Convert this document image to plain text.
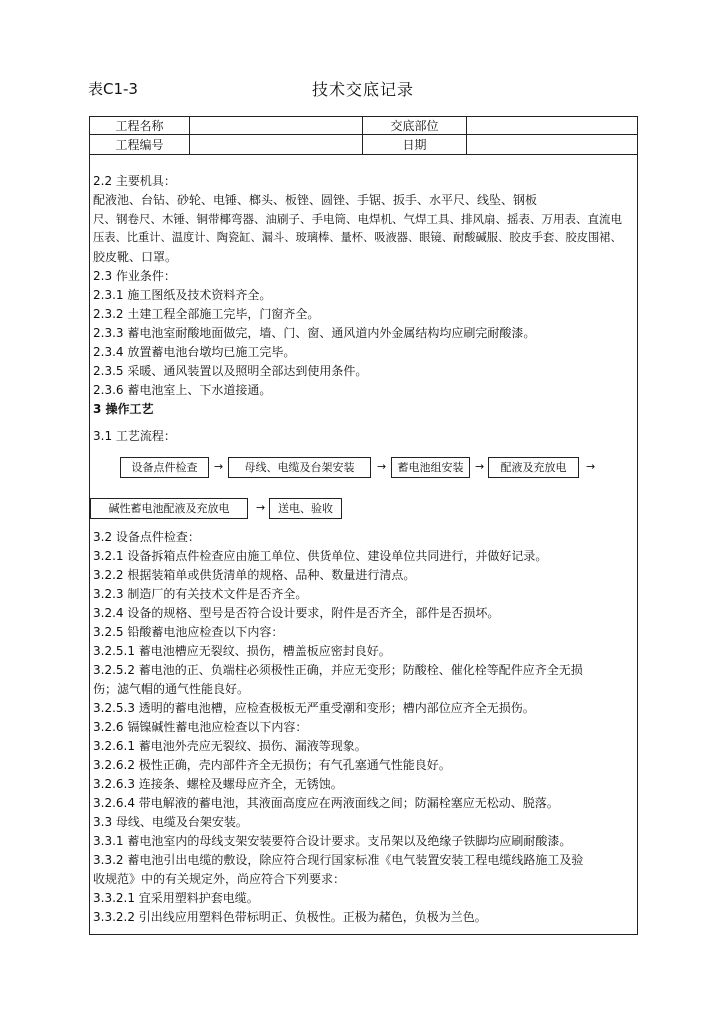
表C1-3	技术交底记录
工程名称	交底部位
工程编号	日期
2.2 主要机具：
配液池、台钻、砂轮、电锤、榔头、板锉、圆锉、手锯、扳手、水平尺、线坠、钢板
尺、钢卷尺、木锤、铜带椰弯器、油刷子、手电筒、电焊机、气焊工具、排风扇、摇表、万用表、直流电
压表、比重计、温度计、陶瓷缸、漏斗、玻璃棒、量杯、吸液器、眼镜、耐酸碱服、胶皮手套、胶皮围裙、
胶皮靴、口罩。
2.3 作业条件：
2.3.1 施工图纸及技术资料齐全。
2.3.2 土建工程全部施工完毕，门窗齐全。
2.3.3 蓄电池室耐酸地面做完，墙、门、窗、通风道内外金属结构均应刷完耐酸漆。
2.3.4 放置蓄电池台墩均已施工完毕。
2.3.5 采暖、通风装置以及照明全部达到使用条件。
2.3.6 蓄电池室上、下水道接通。
3 操作工艺
3.1 工艺流程：
设备点件检查	→	母线、电缆及台架安装	→	蓄电池组安装	→	配液及充放电	→
碱性蓄电池配液及充放电	→	送电、验收
3.2 设备点件检查：
3.2.1 设备拆箱点件检查应由施工单位、供货单位、建设单位共同进行，并做好记录。
3.2.2 根据装箱单或供货清单的规格、品种、数量进行清点。
3.2.3 制造厂的有关技术文件是否齐全。
3.2.4 设备的规格、型号是否符合设计要求，附件是否齐全，部件是否损坏。
3.2.5 铅酸蓄电池应检查以下内容：
3.2.5.1 蓄电池槽应无裂纹、损伤，槽盖板应密封良好。
3.2.5.2 蓄电池的正、负端柱必须极性正确，并应无变形；防酸栓、催化栓等配件应齐全无损
伤；滤气帽的通气性能良好。
3.2.5.3 透明的蓄电池槽，应检查极板无严重受潮和变形；槽内部位应齐全无损伤。
3.2.6 镉镍碱性蓄电池应检查以下内容：
3.2.6.1 蓄电池外壳应无裂纹、损伤、漏液等现象。
3.2.6.2 极性正确，壳内部件齐全无损伤；有气孔塞通气性能良好。
3.2.6.3 连接条、螺栓及螺母应齐全，无锈蚀。
3.2.6.4 带电解液的蓄电池，其液面高度应在两液面线之间；防漏栓塞应无松动、脱落。
3.3 母线、电缆及台架安装。
3.3.1 蓄电池室内的母线支架安装要符合设计要求。支吊架以及绝缘子铁脚均应刷耐酸漆。
3.3.2 蓄电池引出电缆的敷设，除应符合现行国家标准《电气装置安装工程电缆线路施工及验
收规范》中的有关规定外，尚应符合下列要求：
3.3.2.1 宜采用塑料护套电缆。
3.3.2.2 引出线应用塑料色带标明正、负极性。正极为赭色，负极为兰色。
